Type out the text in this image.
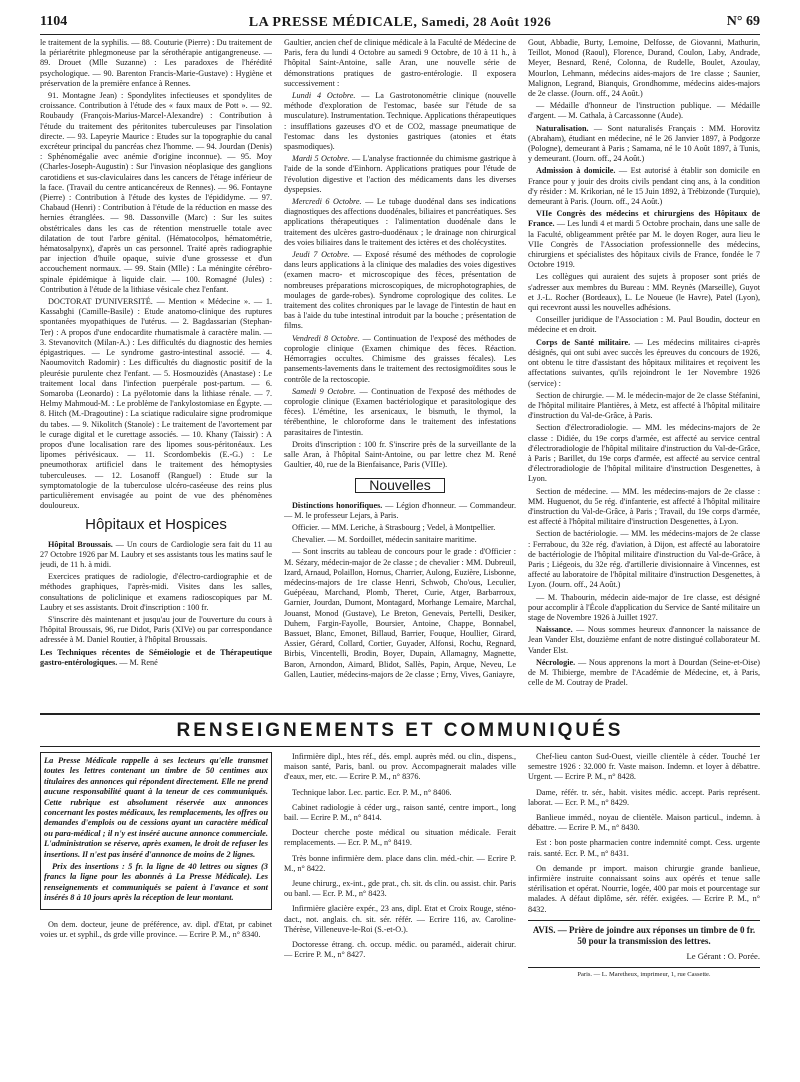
1104	LA PRESSE MÉDICALE, Samedi, 28 Août 1926	N° 69

le traitement de la syphilis. — 88. Couturie (Pierre) : Du traitement de la périarétrite phlegmoneuse par la sérothérapie antigangreneuse. — 89. Drouet (Mlle Suzanne) : Les paradoxes de l'hérédité psychologique. — 90. Barenton Francis-Marie-Gustave) : Hygiène et préservation de la première enfance à Rennes.

91. Montagne Jean) : Spondylites infectieuses et spondylites de croissance. Contribution à l'étude des « faux maux de Pott ». — 92. Roubaudy (François-Marius-Marcel-Alexandre) : Contribution à l'étude du traitement des péritonites tuberculeuses par l'insolation directe. — 93. Lapeyrie Maurice : Etudes sur la topographie du canal excréteur principal du pancréas chez l'homme. — 94. Jourdan (Denis) : Sphénomégalie avec anémie d'origine inconnue). — 95. Moy (Charles-Joseph-Augustin) : Sur l'invasion néoplasique des ganglions carotidiens et sus-claviculaires dans les cancers de l'étage inférieur de la face. (Travail du centre anticancéreux de Rennes). — 96. Fontayne (Pierre) : Contribution à l'étude des kystes de l'épididyme. — 97. Chabaud (Henri) : Contribution à l'étude de la réduction en masse des hernies étranglées. — 98. Dassonville (Marc) : Sur les suites obstétricales dans les cas de rétention menstruelle totale avec dilatation de tout l'arbre génital. (Hématocolpos, hématométrie, hématosalpynx), d'après un cas personnel. Traité après radiographie par injection d'huile opaque, suivie d'une grossesse et d'un accouchement normaux. — 99. Stain (Mlle) : La méningite cérébro-spinale épidémique à liquide clair. — 100. Romagné (Jules) : Contribution à l'étude de la lithiase vésicale chez l'enfant.

DOCTORAT D'UNIVERSITÉ. — Mention « Médecine ». — 1. Kassabghi (Camille-Basile) : Etude anatomo-clinique des ruptures spontanées myopathiques de l'utérus. — 2. Bagdassarian (Stephan-Ter) : A propos d'une endocardite rhumatismale à caractère malin. — 3. Stevanovitch (Milan-A.) : Les difficultés du diagnostic des hernies épigastriques. — Le syndrome gastro-intestinal associé. — 4. Naoumovitch Radomir) : Les difficultés du diagnostic positif de la pleurésie purulente chez l'enfant. — 5. Hosmouzidès (Anastase) : Le traitement local dans l'infection puerpérale post-partum. — 6. Somaroba (Leonardo) : La pyélotomie dans la lithiase rénale. — 7. Helmy Mahmoud-M. : Le problème de l'ankylostomiase en Égypte. — 8. Hitch (M.-Dragoutine) : La sciatique radiculaire signe prodromique du tabes. — 9. Nikolitch (Stanoïe) : Le traitement de l'avortement par le curage digital et le curettage associés. — 10. Khany (Taissir) : A propos d'une localisation rare des lipomes sous-péritonéaux. Les lipomes périvésicaux. — 11. Scordombekis (E.-G.) : Le pneumothorax artificiel dans le traitement des hémoptysies tuberculeuses. — 12. Losanoff (Ranguel) : Etude sur la symptomatologie de la tuberculose ulcéro-caséeuse des reins plus particulièrement envisagée au point de vue des phénomènes douloureux.

Hôpitaux et Hospices

Hôpital Broussais. — Un cours de Cardiologie sera fait du 11 au 27 Octobre 1926 par M. Laubry et ses assistants tous les matins sauf le jeudi, de 11 h. à midi.

Exercices pratiques de radiologie, d'électro-cardiographie et de méthodes graphiques, l'après-midi. Visites dans les salles, consultations de policlinique et examens radioscopiques par M. Laubry et ses assistants. Droit d'inscription : 100 fr.

S'inscrire dès maintenant et jusqu'au jour de l'ouverture du cours à l'hôpital Broussais, 96, rue Didot, Paris (XIVe) ou par correspondance adressée à M. Daniel Routier, à l'hôpital Broussais.

Les Techniques récentes de Séméiologie et de Thérapeutique gastro-entérologiques. — M. René

Gaultier, ancien chef de clinique médicale à la Faculté de Médecine de Paris, fera du lundi 4 Octobre au samedi 9 Octobre, de 10 à 11 h., à l'hôpital Saint-Antoine, salle Aran, une nouvelle série de démonstrations pratiques de gastro-entérologie. Il exposera successivement :

Lundi 4 Octobre. — La Gastrotonométrie clinique (nouvelle méthode d'exploration de l'estomac, basée sur l'étude de sa musculature). Instrumentation. Technique. Applications thérapeutiques : insufflations gazeuses d'O et de CO2, massage pneumatique de l'estomac dans les dystonies gastriques (atonies et états spasmodiques).

Mardi 5 Octobre. — L'analyse fractionnée du chimisme gastrique à l'aide de la sonde d'Einhorn. Applications pratiques pour l'étude de l'évolution digestive et l'action des médicaments dans les diverses dyspepsies.

Mercredi 6 Octobre. — Le tubage duodénal dans ses indications diagnostiques des affections duodénales, biliaires et pancréatiques. Ses applications thérapeutiques : l'alimentation duodénale dans le traitement des ulcères gastro-duodénaux ; le drainage non chirurgical des voies biliaires dans le traitement des ictères et des cholécystites.

Jeudi 7 Octobre. — Exposé résumé des méthodes de coprologie dans leurs applications à la clinique des maladies des voies digestives (examen macro- et microscopique des fèces, présentation de nombreuses préparations microscopiques, de microphotographies, de moulages de garde-robes). Syndrome coprologique des colites. Le traitement des colites chroniques par le lavage de l'intestin de haut en bas à l'aide du tube intestinal introduit par la bouche ; présentation de films.

Vendredi 8 Octobre. — Continuation de l'exposé des méthodes de coprologie clinique (Examen chimique des fèces. Réaction. Hémorragies occultes. Chimisme des graisses fécales). Les pansements-lavements dans le traitement des rectosigmoïdites sous le contrôle de la rectoscopie.

Samedi 9 Octobre. — Continuation de l'exposé des méthodes de coprologie clinique (Examen bactériologique et parasitologique des fèces). L'émétine, les arsenicaux, le bismuth, le thymol, la térébenthine, le chloroforme dans le traitement des infestations parasitaires de l'intestin.

Droits d'inscription : 100 fr. S'inscrire près de la surveillante de la salle Aran, à l'hôpital Saint-Antoine, ou par lettre chez M. René Gaultier, 40, rue de la Bienfaisance, Paris (VIIIe).

Nouvelles

Distinctions honorifiques. — Légion d'honneur. — Commandeur. — M. le professeur Lejars, à Paris.

Officier. — MM. Leriche, à Strasbourg ; Vedel, à Montpellier.

Chevalier. — M. Sordoillet, médecin sanitaire maritime.

— Sont inscrits au tableau de concours pour le grade : d'Officier : M. Sézary, médecin-major de 2e classe ; de chevalier : MM. Dubreuil, Izard, Arnaud, Polaillon, Hornus, Charrier, Aulong, Euzière, Lisbonne, médecins-majors de 1re classe Henri, Schwob, Cho'ous, Leculier, Guépéeau, Marchand, Plomb, Theret, Curie, Atger, Barbarroux, Garnier, Jourdan, Dumont, Montagard, Morhange Lemaire, Marchal, Jouanst, Monod (Gustave), Le Breton, Genevais, Pertelli, Desiker, Duhem, Fargin-Fayolle, Boursier, Antoine, Chappe, Bonnabel, Bassuet, Blanc, Emonet, Billaud, Barrier, Fouque, Houllier, Girard, Assier, Gérard, Collard, Cortier, Guyader, Alfonsi, Rochu, Regnard, Birbis, Vincentelli, Brodin, Boyer, Dupain, Allamagny, Magnette, Baron, Arnondon, Aimard, Blidot, Sallès, Papin, Arque, Neveu, Le Gallen, Lautier, médecins-majors de 2e classe ; Erny, Vives, Ganiayre,

Gout, Abbadie, Burty, Lemoine, Delfosse, de Giovanni, Mathurin, Teillot, Monod (Raoul), Florence, Durand, Coulon, Laby, Andrade, Meyer, Besnard, René, Colonna, de Rudelle, Boulet, Azoulay, Mourlon, Lehmann, médecins aides-majors de 1re classe ; Saunier, Malignon, Legrand, Bianquis, Grondhomme, médecins aides-majors de 2e classe. (Journ. off., 24 Août.)

— Médaille d'honneur de l'instruction publique. — Médaille d'argent. — M. Cathala, à Carcassonne (Aude).

Naturalisation. — Sont naturalisés Français : MM. Horovitz (Abraham), étudiant en médecine, né le 26 Janvier 1897, à Podgorze (Pologne), demeurant à Paris ; Samama, né le 10 Août 1897, à Tunis, y demeurant. (Journ. off., 24 Août.)

Admission à domicile. — Est autorisé à établir son domicile en France pour y jouir des droits civils pendant cinq ans, à la condition d'y résider : M. Krikorian, né le 15 Juin 1892, à Trébizonde (Turquie), demeurant à Paris. (Journ. off., 24 Août.)

VIIe Congrès des médecins et chirurgiens des Hôpitaux de France. — Les lundi 4 et mardi 5 Octobre prochain, dans une salle de la Faculté, obligeamment prêtée par M. le doyen Roger, aura lieu le VIIe Congrès de l'Association professionnelle des médecins, chirurgiens et spécialistes des hôpitaux civils de France, fondée le 7 Octobre 1919.

Les collègues qui auraient des sujets à proposer sont priés de s'adresser aux membres du Bureau : MM. Reynès (Marseille), Guyot et J.-L. Rocher (Bordeaux), L. Le Noueue (le Havre), Patel (Lyon), qui recevront aussi les nouvelles adhésions.

Conseiller juridique de l'Association : M. Paul Boudin, docteur en médecine et en droit.

Corps de Santé militaire. — Les médecins militaires ci-après désignés, qui ont subi avec succès les épreuves du concours de 1926, ont obtenu le titre d'assistant des hôpitaux militaires et reçoivent les affectations suivantes, qu'ils rejoindront le 1er Novembre 1926 (service) :

Section de chirurgie. — M. le médecin-major de 2e classe Stéfanini, de l'hôpital militaire Plantières, à Metz, est affecté à l'hôpital militaire d'instruction du Val-de-Grâce, à Paris.

Section d'électroradiologie. — MM. les médecins-majors de 2e classe : Didiée, du 19e corps d'armée, est affecté au service central d'électroradiologie de l'hôpital militaire d'instruction du Val-de-Grâce, à Paris ; Barillet, du 19e corps d'armée, est affecté au service central d'électroradiologie de l'hôpital militaire d'instruction Desgenettes, à Lyon.

Section de médecine. — MM. les médecins-majors de 2e classe : MM. Huguenot, du 5e rég. d'infanterie, est affecté à l'hôpital militaire d'instruction du Val-de-Grâce, à Paris ; Travail, du 19e corps d'armée, est affecté à l'hôpital militaire d'instruction Desgenettes, à Lyon.

Section de bactériologie. — MM. les médecins-majors de 2e classe : Ferrabouc, du 32e rég. d'aviation, à Dijon, est affecté au laboratoire de bactériologie de l'hôpital militaire d'instruction du Val-de-Grâce, à Paris ; Liégeois, du 32e rég. d'artillerie divisionnaire à Vincennes, est affecté au laboratoire de l'hôpital militaire d'instruction Desgenettes, à Lyon. (Journ. off., 24 Août.)

— M. Thabourin, médecin aide-major de 1re classe, est désigné pour accomplir à l'École d'application du Service de Santé militaire un stage de Novembre 1926 à Juillet 1927.

Naissance. — Nous sommes heureux d'annoncer la naissance de Jean Vander Elst, douzième enfant de notre distingué collaborateur M. Vander Elst.

Nécrologie. — Nous apprenons la mort à Dourdan (Seine-et-Oise) de M. Thibierge, membre de l'Académie de Médecine, et, à Paris, celle de M. Coutray de Pradel.

RENSEIGNEMENTS ET COMMUNIQUÉS

La Presse Médicale rappelle à ses lecteurs qu'elle transmet toutes les lettres contenant un timbre de 50 centimes aux titulaires des annonces qui répondent directement. Elle ne prend aucune responsabilité quant à la teneur de ces communiqués. Cette rubrique est absolument réservée aux annonces concernant les postes médicaux, les remplacements, les offres ou demandes d'emplois ou de cessions ayant un caractère médical ou para-médical ; il n'y est inséré aucune annonce commerciale. L'administration se réserve, après examen, le droit de refuser les insertions. Il n'est pas inséré d'annonce de moins de 2 lignes.

Prix des insertions : 5 fr. la ligne de 40 lettres ou signes (3 francs la ligne pour les abonnés à La Presse Médicale). Les renseignements et communiqués se paient à l'avance et sont insérés 8 à 10 jours après la réception de leur montant.

On dem. docteur, jeune de préférence, av. dipl. d'Etat, pr cabinet voies ur. et syphil., ds grde ville province. — Ecrire P. M., n° 8340.

Infirmière dipl., htes réf., dés. empl. auprès méd. ou clin., dispens., maison santé, Paris, banl. ou prov. Accompagnerait malades ville d'eaux, mer, etc. — Ecrire P. M., n° 8376.

Technique labor. Lec. partic. Ecr. P. M., n° 8406.

Cabinet radiologie à céder urg., raison santé, centre import., long bail. — Ecrire P. M., n° 8414.

Docteur cherche poste médical ou situation médicale. Ferait remplacements. — Ecr. P. M., n° 8419.

Très bonne infirmière dem. place dans clin. méd.-chir. — Ecrire P. M., n° 8422.

Jeune chirurg., ex-int., gde prat., ch. sit. ds clin. ou assist. chir. Paris ou banl. — Ecr. P. M., n° 8423.

Infirmière glacière expér., 23 ans, dipl. Etat et Croix Rouge, sténo-dact., not. anglais. ch. sit. sér. référ. — Ecrire 116, av. Caroline-Thérèse, Villeneuve-le-Roi (S.-et-O.).

Doctoresse étrang. ch. occup. médic. ou paraméd., aiderait chirur. — Ecrire P. M., n° 8427.

Chef-lieu canton Sud-Ouest, vieille clientèle à céder. Touché 1er semestre 1926 : 32.000 fr. Vaste maison. Indemn. et loyer à débattre. Urgent. — Ecrire P. M., n° 8428.

Dame, référ. tr. sér., habit. visites médic. accept. Paris représent. laborat. — Ecr. P. M., n° 8429.

Banlieue imméd., noyau de clientèle. Maison particul., indemn. à débattre. — Ecrire P. M., n° 8430.

Est : bon poste pharmacien contre indemnité compt. Cess. urgente rais. santé. Ecr. P. M., n° 8431.

On demande pr import. maison chirurgie grande banlieue, infirmière instruite connaissant soins aux opérés et tenue salle stérilisation et opérat. Nourrie, logée, 400 par mois et pourcentage sur malades. A défaut diplôme, sér. référ. exigées. — Ecrire P. M., n° 8432.

AVIS. — Prière de joindre aux réponses un timbre de 0 fr. 50 pour la transmission des lettres.

Le Gérant : O. Porée.
Paris. — L. Maretheux, imprimeur, 1, rue Cassette.
